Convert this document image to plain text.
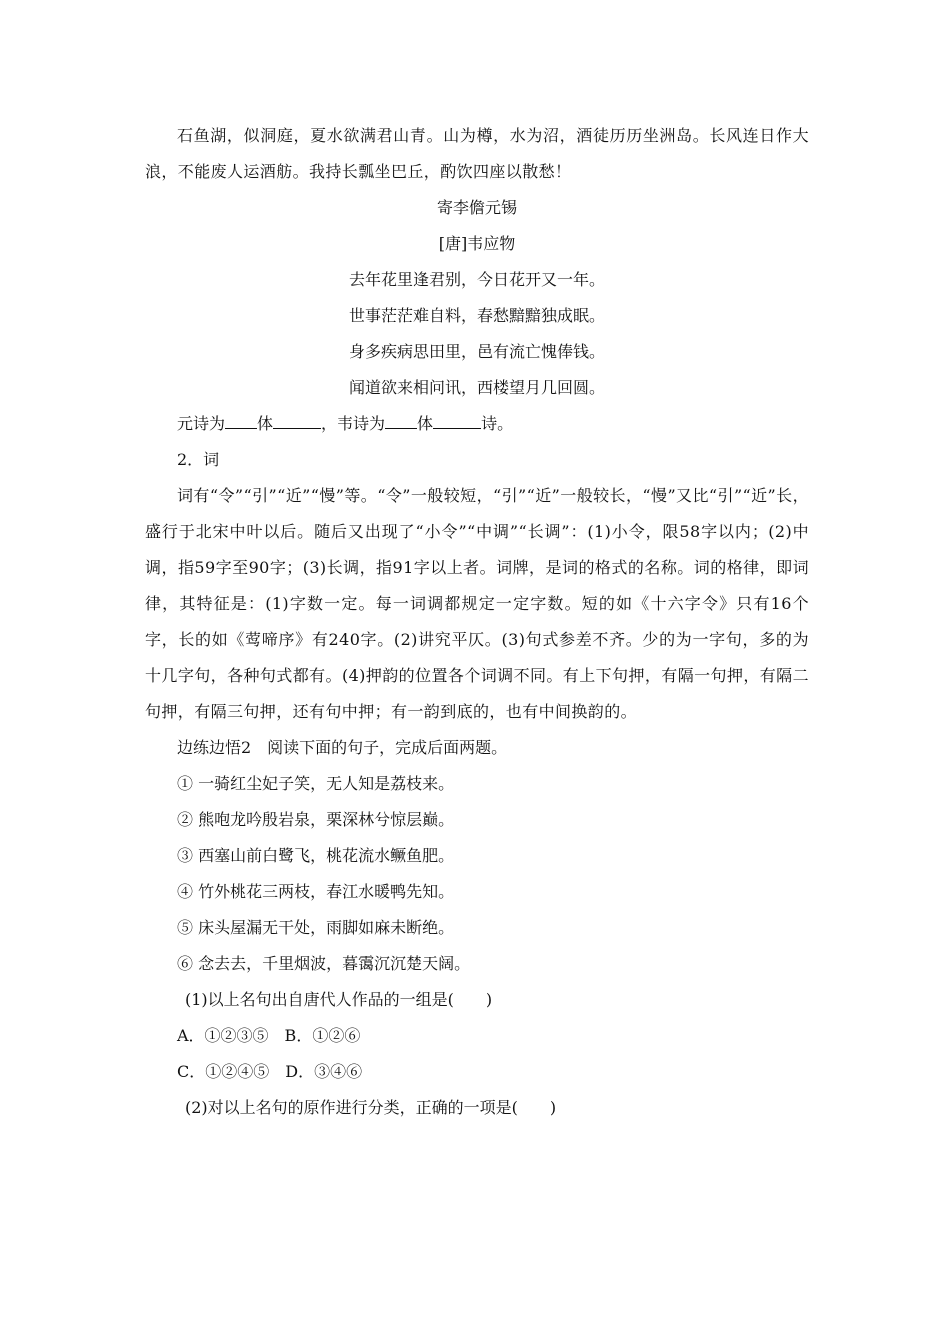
石鱼湖，似洞庭，夏水欲满君山青。山为樽，水为沼，酒徒历历坐洲岛。长风连日作大浪，不能废人运酒舫。我持长瓢坐巴丘，酌饮四座以散愁！
寄李儋元锡
[唐]韦应物
去年花里逢君别，今日花开又一年。
世事茫茫难自料，春愁黯黯独成眠。
身多疾病思田里，邑有流亡愧俸钱。
闻道欲来相问讯，西楼望月几回圆。
元诗为 体	，韦诗为 体	诗。
2．词
词有“令”“引”“近”“慢”等。“令”一般较短，“引”“近”一般较长，“慢”又比“引”“近”长，盛行于北宋中叶以后。随后又出现了“小令”“中调”“长调”：(1)小令，限58字以内；(2)中调，指59字至90字；(3)长调，指91字以上者。词牌，是词的格式的名称。词的格律，即词律，其特征是：(1)字数一定。每一词调都规定一定字数。短的如《十六字令》只有16个字，长的如《莺啼序》有240字。(2)讲究平仄。(3)句式参差不齐。少的为一字句，多的为十几字句，各种句式都有。(4)押韵的位置各个词调不同。有上下句押，有隔一句押，有隔二句押，有隔三句押，还有句中押；有一韵到底的，也有中间换韵的。
边练边悟2　阅读下面的句子，完成后面两题。
① 一骑红尘妃子笑，无人知是荔枝来。
② 熊咆龙吟殷岩泉，栗深林兮惊层巅。
③ 西塞山前白鹭飞，桃花流水鳜鱼肥。
④ 竹外桃花三两枝，春江水暖鸭先知。
⑤ 床头屋漏无干处，雨脚如麻未断绝。
⑥ 念去去，千里烟波，暮霭沉沉楚天阔。
(1)以上名句出自唐代人作品的一组是(　　)
A．①②③⑤　B．①②⑥
C．①②④⑤　D．③④⑥
(2)对以上名句的原作进行分类，正确的一项是(　　)
